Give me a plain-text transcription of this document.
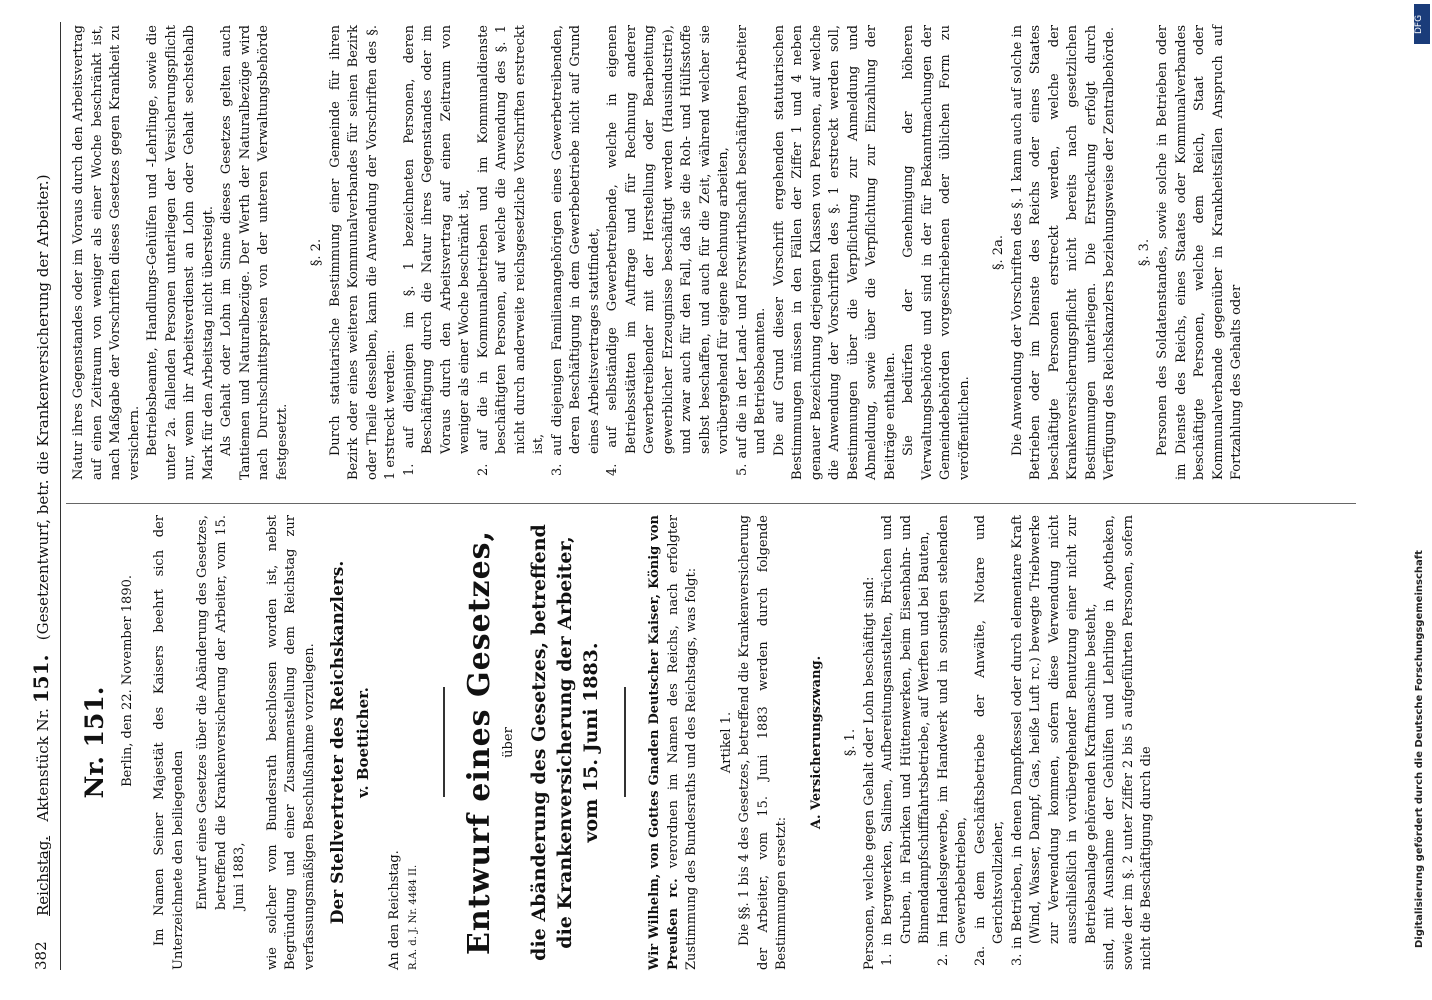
382
Reichstag.   Aktenstück Nr. 151.   (Gesetzentwurf, betr. die Krankenversicherung der Arbeiter.)

Nr. 151. Berlin, den 22. November 1890. Im Namen Seiner Majestät des Kaisers beehrt sich der Unterzeichnete den beiliegenden Entwurf eines Gesetzes über die Abänderung des Gesetzes, betreffend die Krankenversicherung der Arbeiter, vom 15. Juni 1883, wie solcher vom Bundesrath beschlossen worden ist, nebst Begründung und einer Zusammenstellung dem Reichstag zur verfassungsmäßigen Beschlußnahme vorzulegen. Der Stellvertreter des Reichskanzlers. v. Boetticher.

An den Reichstag. R.A. d. J. Nr. 4484 II. Entwurf eines Gesetzes, über die Abänderung des Gesetzes, betreffend die Krankenversicherung der Arbeiter, vom 15. Juni 1883.	Wir Wilhelm, von Gottes Gnaden Deutscher Kaiser, König von Preußen rc. verordnen im Namen des Reichs, nach erfolgter Zustimmung des Bundesraths und des Reichstags, was folgt: Artikel 1. Die §§. 1 bis 4 des Gesetzes, betreffend die Krankenversicherung der Arbeiter, vom 15. Juni 1883 werden durch folgende Bestimmungen ersetzt:

A. Versicherungszwang. §. 1. Personen, welche gegen Gehalt oder Lohn beschäftigt sind: 1. in Bergwerken, Salinen, Aufbereitungsanstalten, Brüchen und Gruben, in Fabriken und Hüttenwerken, beim Eisenbahn- und Binnendampfschifffahrtsbetriebe, auf Werften und bei Bauten,

2. im Handelsgewerbe, im Handwerk und in sonstigen stehenden Gewerbebetrieben,

2a. in dem Geschäftsbetriebe der Anwälte, Notare und Gerichtsvollzieher,

3. in Betrieben, in denen Dampfkessel oder durch elementare Kraft (Wind, Wasser, Dampf, Gas, heiße Luft rc.) bewegte Triebwerke zur Verwendung kommen, sofern diese Verwendung nicht ausschließlich in vorübergehender Benutzung einer nicht zur Betriebsanlage gehörenden Kraftmaschine besteht, sind, mit Ausnahme der Gehülfen und Lehrlinge in Apotheken, sowie der im §. 2 unter Ziffer 2 bis 5 aufgeführten Personen, sofern nicht die Beschäftigung durch die

Natur ihres Gegenstandes oder im Voraus durch den Arbeitsvertrag auf einen Zeitraum von weniger als einer Woche beschränkt ist, nach Maßgabe der Vorschriften dieses Gesetzes gegen Krankheit zu versichern. Betriebsbeamte, Handlungs-Gehülfen und -Lehrlinge, sowie die unter 2a. fallenden Personen unterliegen der Versicherungspflicht nur, wenn ihr Arbeitsverdienst an Lohn oder Gehalt sechstehalb Mark für den Arbeitstag nicht übersteigt. Als Gehalt oder Lohn im Sinne dieses Gesetzes gelten auch Tantiemen und Naturalbezüge. Der Werth der Naturalbezüge wird nach Durchschnittspreisen von der unteren Verwaltungsbehörde festgesetzt.

§. 2. Durch statutarische Bestimmung einer Gemeinde für ihren Bezirk oder eines weiteren Kommunalverbandes für seinen Bezirk oder Theile desselben, kann die Anwendung der Vorschriften des §. 1 erstreckt werden: 1. auf diejenigen im §. 1 bezeichneten Personen, deren Beschäftigung durch die Natur ihres Gegenstandes oder im Voraus durch den Arbeitsvertrag auf einen Zeitraum von weniger als einer Woche beschränkt ist,

2. auf die in Kommunalbetrieben und im Kommunaldienste beschäftigten Personen, auf welche die Anwendung des §. 1 nicht durch anderweite reichsgesetzliche Vorschriften erstreckt ist,

3. auf diejenigen Familienangehörigen eines Gewerbetreibenden, deren Beschäftigung in dem Gewerbebetriebe nicht auf Grund eines Arbeitsvertrages stattfindet,

4. auf selbständige Gewerbetreibende, welche in eigenen Betriebsstätten im Auftrage und für Rechnung anderer Gewerbetreibender mit der Herstellung oder Bearbeitung gewerblicher Erzeugnisse beschäftigt werden (Hausindustrie), und zwar auch für den Fall, daß sie die Roh- und Hülfsstoffe selbst beschaffen, und auch für die Zeit, während welcher sie vorübergehend für eigene Rechnung arbeiten,

5. auf die in der Land- und Forstwirthschaft beschäftigten Arbeiter und Betriebsbeamten. Die auf Grund dieser Vorschrift ergehenden statutarischen Bestimmungen müssen in den Fällen der Ziffer 1 und 4 neben genauer Bezeichnung derjenigen Klassen von Personen, auf welche die Anwendung der Vorschriften des §. 1 erstreckt werden soll, Bestimmungen über die Verpflichtung zur Anmeldung und Abmeldung, sowie über die Verpflichtung zur Einzahlung der Beiträge enthalten. Sie bedürfen der Genehmigung der höheren Verwaltungsbehörde und sind in der für Bekanntmachungen der Gemeindebehörden vorgeschriebenen oder üblichen Form zu veröffentlichen.

§. 2a. Die Anwendung der Vorschriften des §. 1 kann auch auf solche in Betrieben oder im Dienste des Reichs oder eines Staates beschäftigte Personen erstreckt werden, welche der Krankenversicherungspflicht nicht bereits nach gesetzlichen Bestimmungen unterliegen. Die Erstreckung erfolgt durch Verfügung des Reichskanzlers beziehungsweise der Zentralbehörde. §. 3. Personen des Soldatenstandes, sowie solche in Betrieben oder im Dienste des Reichs, eines Staates oder Kommunalverbandes beschäftigte Personen, welche dem Reich, Staat oder Kommunalverbande gegenüber in Krankheitsfällen Anspruch auf Fortzahlung des Gehalts oder

DFG
Digitalisierung gefördert durch die Deutsche Forschungsgemeinschaft
